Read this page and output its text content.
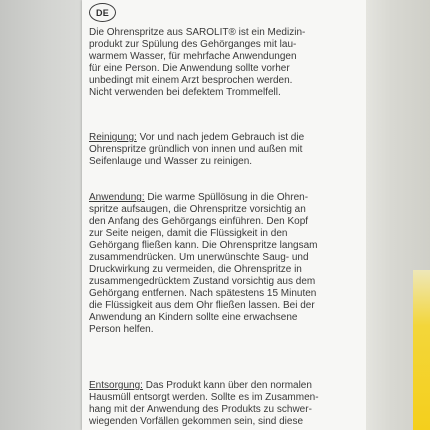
DE
Die Ohrenspritze aus SAROLIT® ist ein Medizin-
produkt zur Spülung des Gehörganges mit lau-
warmem Wasser, für mehrfache Anwendungen
für eine Person. Die Anwendung sollte vorher
unbedingt mit einem Arzt besprochen werden.
Nicht verwenden bei defektem Trommelfell.
Reinigung: Vor und nach jedem Gebrauch ist die
Ohrenspritze gründlich von innen und außen mit
Seifenlauge und Wasser zu reinigen.
Anwendung: Die warme Spüllösung in die Ohren-
spritze aufsaugen, die Ohrenspritze vorsichtig an
den Anfang des Gehörgangs einführen. Den Kopf
zur Seite neigen, damit die Flüssigkeit in den
Gehörgang fließen kann. Die Ohrenspritze langsam
zusammendrücken. Um unerwünschte Saug- und
Druckwirkung zu vermeiden, die Ohrenspritze in
zusammengedrücktem Zustand vorsichtig aus dem
Gehörgang entfernen. Nach spätestens 15 Minuten
die Flüssigkeit aus dem Ohr fließen lassen. Bei der
Anwendung an Kindern sollte eine erwachsene
Person helfen.
Entsorgung: Das Produkt kann über den normalen
Hausmüll entsorgt werden. Sollte es im Zusammen-
hang mit der Anwendung des Produkts zu schwer-
wiegenden Vorfällen gekommen sein, sind diese
